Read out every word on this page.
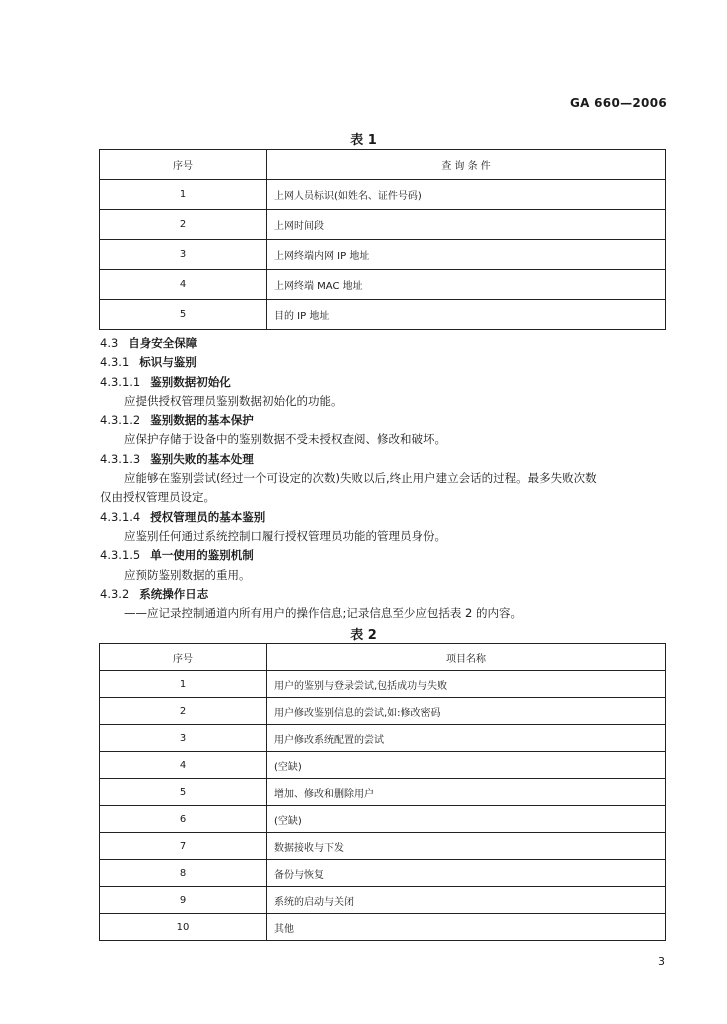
GA 660—2006
表 1
序号	查 询 条 件
1	上网人员标识(如姓名、证件号码)
2	上网时间段
3	上网终端内网 IP 地址
4	上网终端 MAC 地址
5	目的 IP 地址
4.3 自身安全保障
4.3.1 标识与鉴别
4.3.1.1 鉴别数据初始化
应提供授权管理员鉴别数据初始化的功能。
4.3.1.2 鉴别数据的基本保护
应保护存储于设备中的鉴别数据不受未授权查阅、修改和破坏。
4.3.1.3 鉴别失败的基本处理
应能够在鉴别尝试(经过一个可设定的次数)失败以后,终止用户建立会话的过程。最多失败次数
仅由授权管理员设定。
4.3.1.4 授权管理员的基本鉴别
应鉴别任何通过系统控制口履行授权管理员功能的管理员身份。
4.3.1.5 单一使用的鉴别机制
应预防鉴别数据的重用。
4.3.2 系统操作日志
——应记录控制通道内所有用户的操作信息;记录信息至少应包括表 2 的内容。
表 2
序号	项目名称
1	用户的鉴别与登录尝试,包括成功与失败
2	用户修改鉴别信息的尝试,如:修改密码
3	用户修改系统配置的尝试
4	(空缺)
5	增加、修改和删除用户
6	(空缺)
7	数据接收与下发
8	备份与恢复
9	系统的启动与关闭
10	其他
3
